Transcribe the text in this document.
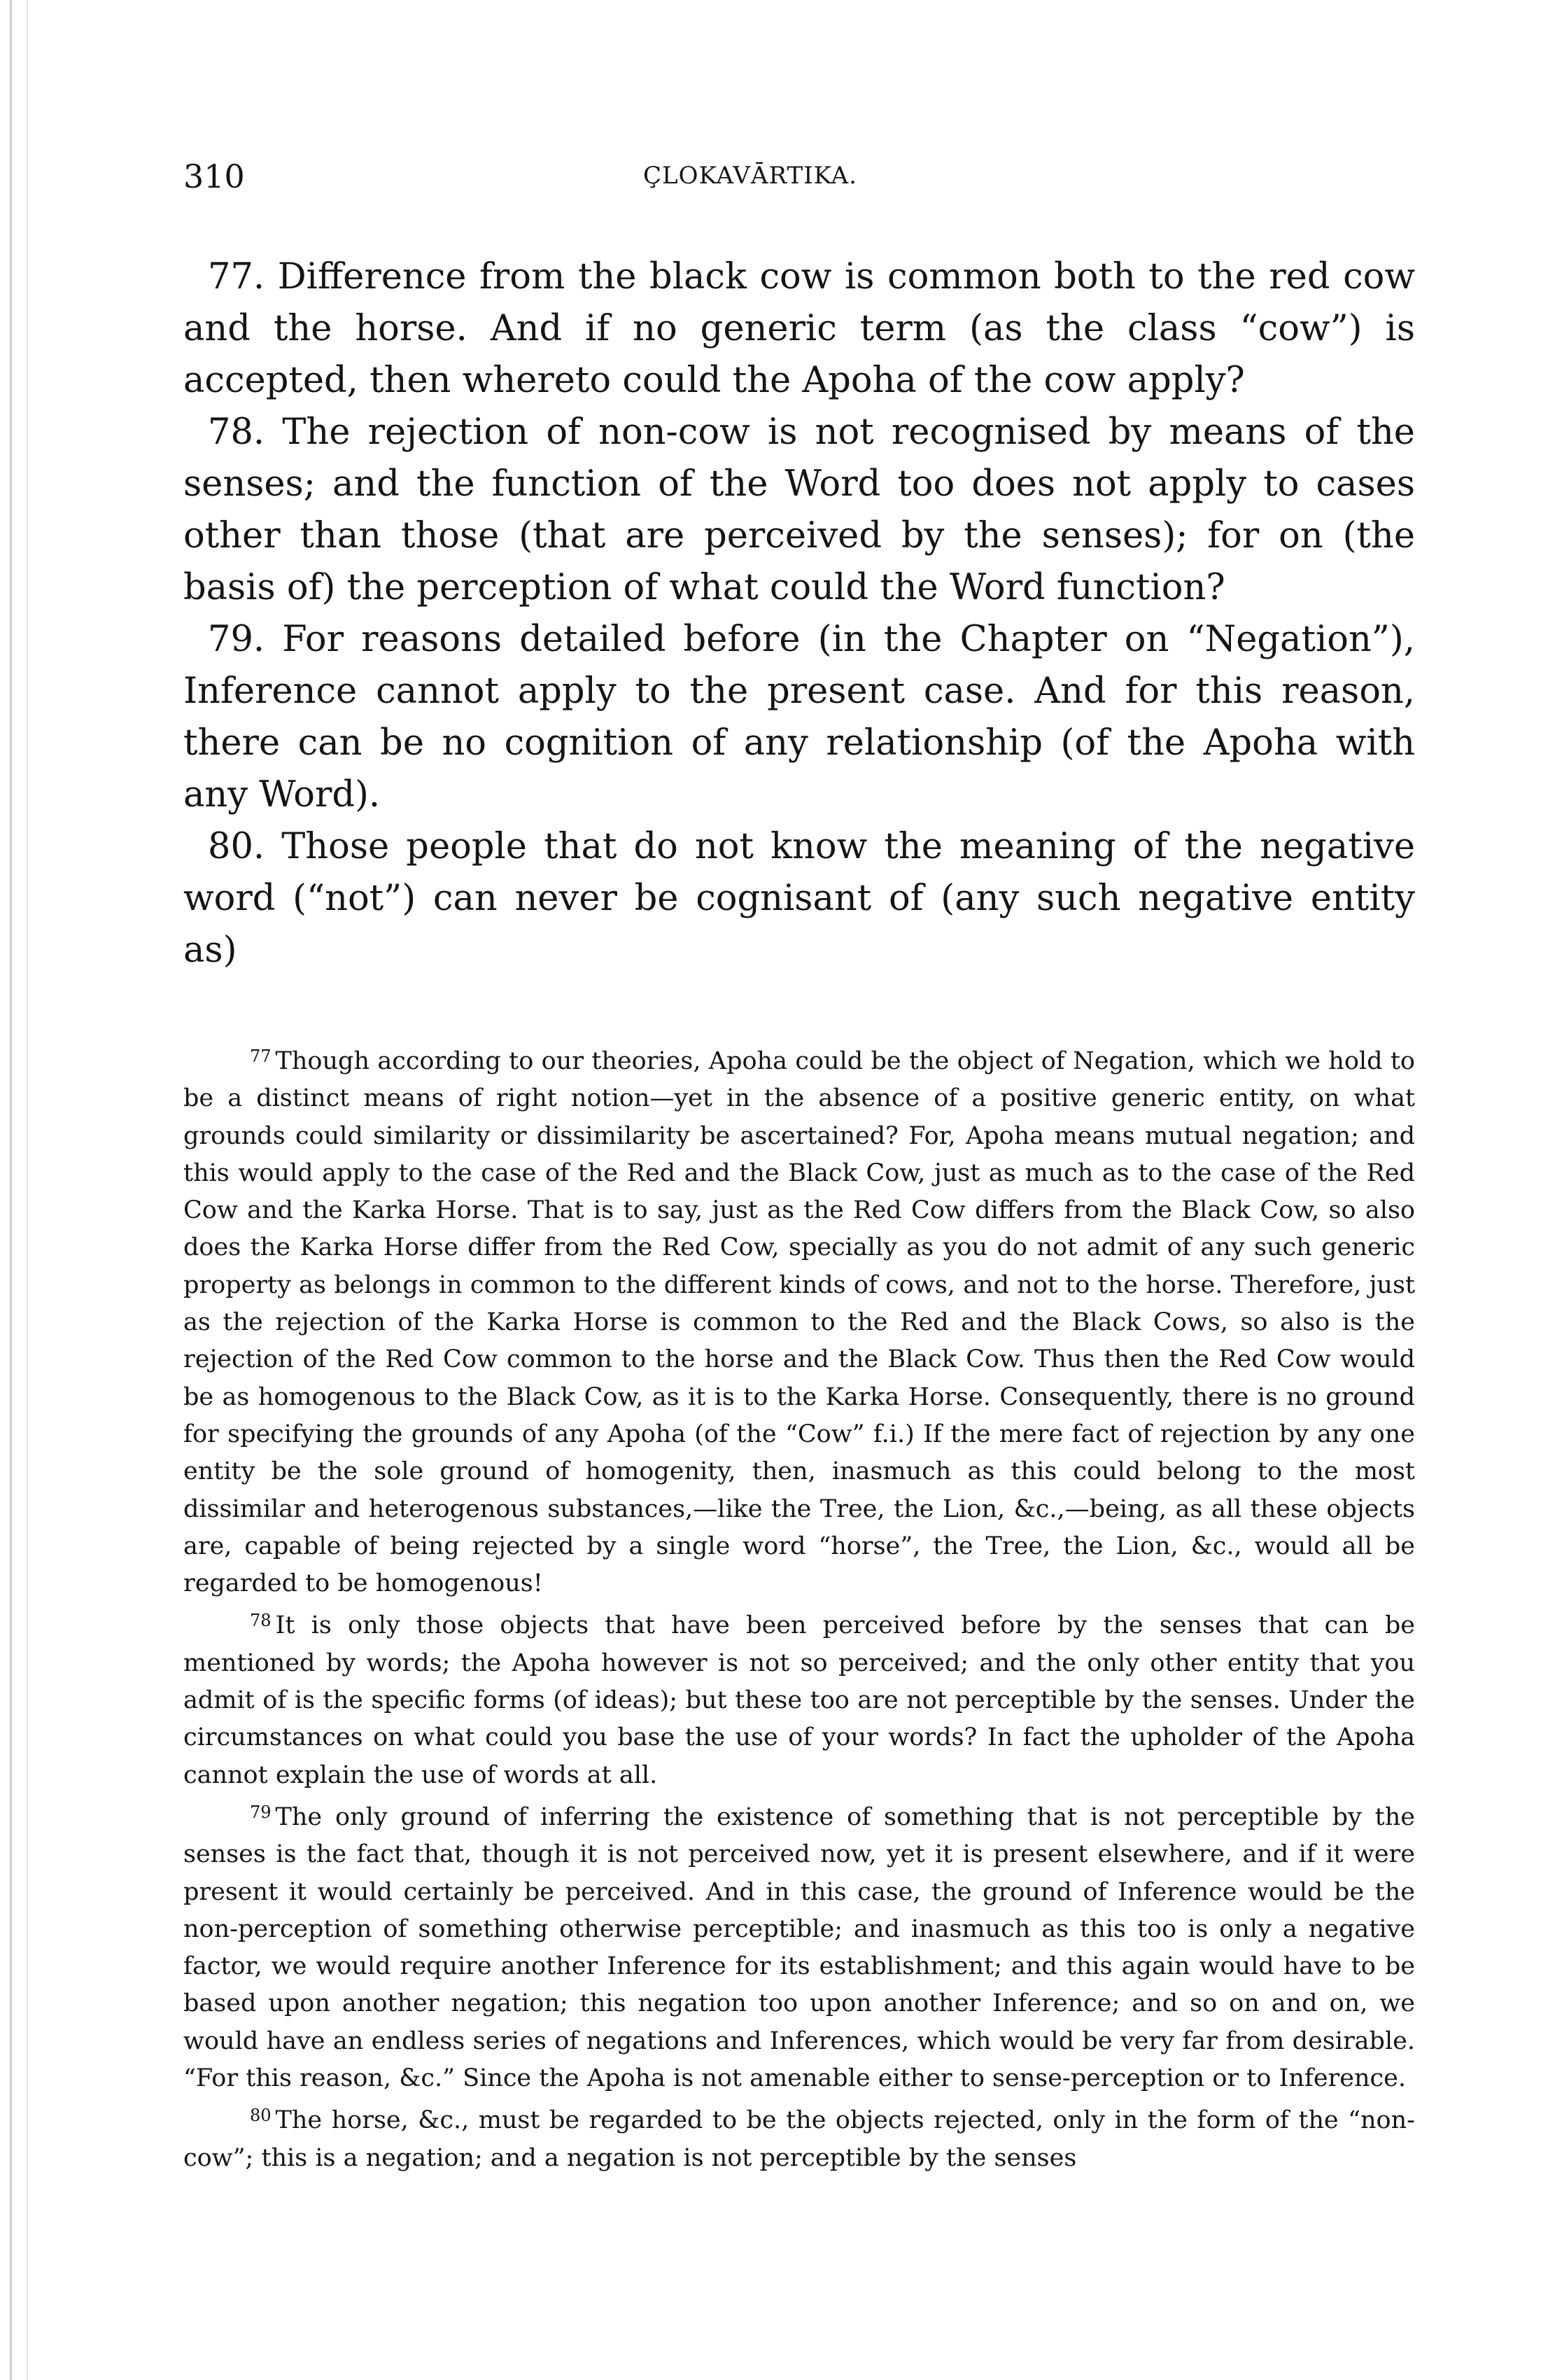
310	ÇLOKAVĀRTIKA.

77. Difference from the black cow is common both to the red cow and the horse. And if no generic term (as the class “cow”) is accepted, then whereto could the Apoha of the cow apply?

78. The rejection of non-cow is not recognised by means of the senses; and the function of the Word too does not apply to cases other than those (that are perceived by the senses); for on (the basis of) the perception of what could the Word function?

79. For reasons detailed before (in the Chapter on “Negation”), Inference cannot apply to the present case. And for this reason, there can be no cognition of any relationship (of the Apoha with any Word).

80. Those people that do not know the meaning of the negative word (“not”) can never be cognisant of (any such negative entity as)

$^{77}$ Though according to our theories, Apoha could be the object of Negation, which we hold to be a distinct means of right notion—yet in the absence of a positive generic entity, on what grounds could similarity or dissimilarity be ascertained? For, Apoha means mutual negation; and this would apply to the case of the Red and the Black Cow, just as much as to the case of the Red Cow and the Karka Horse. That is to say, just as the Red Cow differs from the Black Cow, so also does the Karka Horse differ from the Red Cow, specially as you do not admit of any such generic property as belongs in common to the different kinds of cows, and not to the horse. Therefore, just as the rejection of the Karka Horse is common to the Red and the Black Cows, so also is the rejection of the Red Cow common to the horse and the Black Cow. Thus then the Red Cow would be as homogenous to the Black Cow, as it is to the Karka Horse. Consequently, there is no ground for specifying the grounds of any Apoha (of the “Cow” f.i.) If the mere fact of rejection by any one entity be the sole ground of homogenity, then, inasmuch as this could belong to the most dissimilar and heterogenous substances,—like the Tree, the Lion, &c.,—being, as all these objects are, capable of being rejected by a single word “horse”, the Tree, the Lion, &c., would all be regarded to be homogenous!

$^{78}$ It is only those objects that have been perceived before by the senses that can be mentioned by words; the Apoha however is not so perceived; and the only other entity that you admit of is the specific forms (of ideas); but these too are not perceptible by the senses. Under the circumstances on what could you base the use of your words? In fact the upholder of the Apoha cannot explain the use of words at all.

$^{79}$ The only ground of inferring the existence of something that is not perceptible by the senses is the fact that, though it is not perceived now, yet it is present elsewhere, and if it were present it would certainly be perceived. And in this case, the ground of Inference would be the non-perception of something otherwise perceptible; and inasmuch as this too is only a negative factor, we would require another Inference for its establishment; and this again would have to be based upon another negation; this negation too upon another Inference; and so on and on, we would have an endless series of negations and Inferences, which would be very far from desirable. “For this reason, &c.” Since the Apoha is not amenable either to sense-perception or to Inference.

$^{80}$ The horse, &c., must be regarded to be the objects rejected, only in the form of the “non-cow”; this is a negation; and a negation is not perceptible by the senses
